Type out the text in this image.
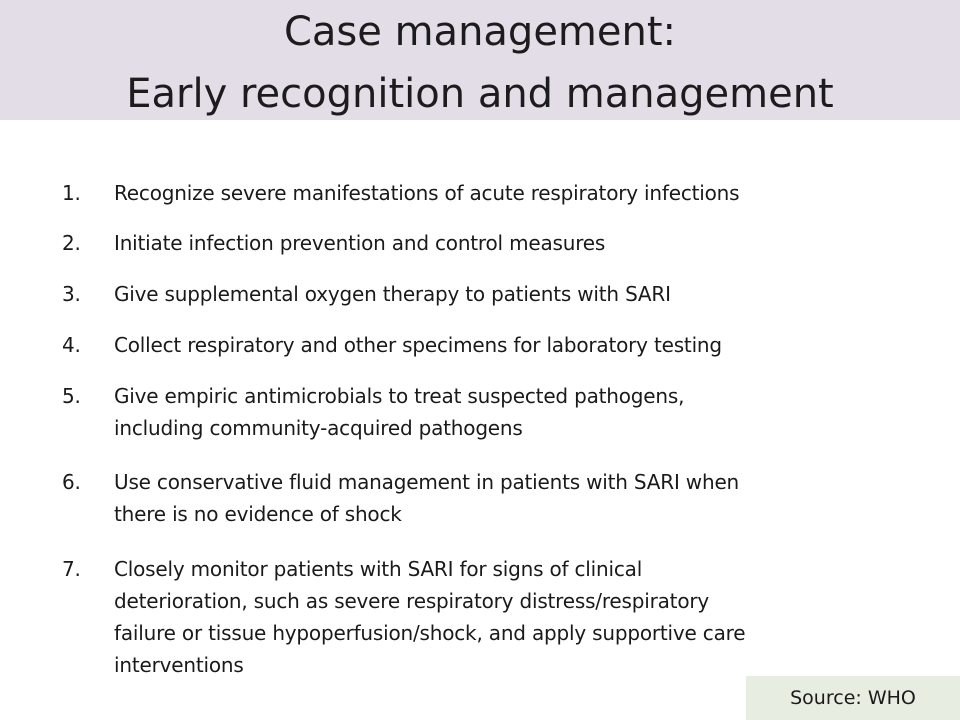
Case management:
Early recognition and management
1. Recognize severe manifestations of acute respiratory infections
2. Initiate infection prevention and control measures
3. Give supplemental oxygen therapy to patients with SARI
4. Collect respiratory and other specimens for laboratory testing
5. Give empiric antimicrobials to treat suspected pathogens,
including community-acquired pathogens
6. Use conservative fluid management in patients with SARI when
there is no evidence of shock
7. Closely monitor patients with SARI for signs of clinical
deterioration, such as severe respiratory distress/respiratory
failure or tissue hypoperfusion/shock, and apply supportive care
interventions
Source: WHO
